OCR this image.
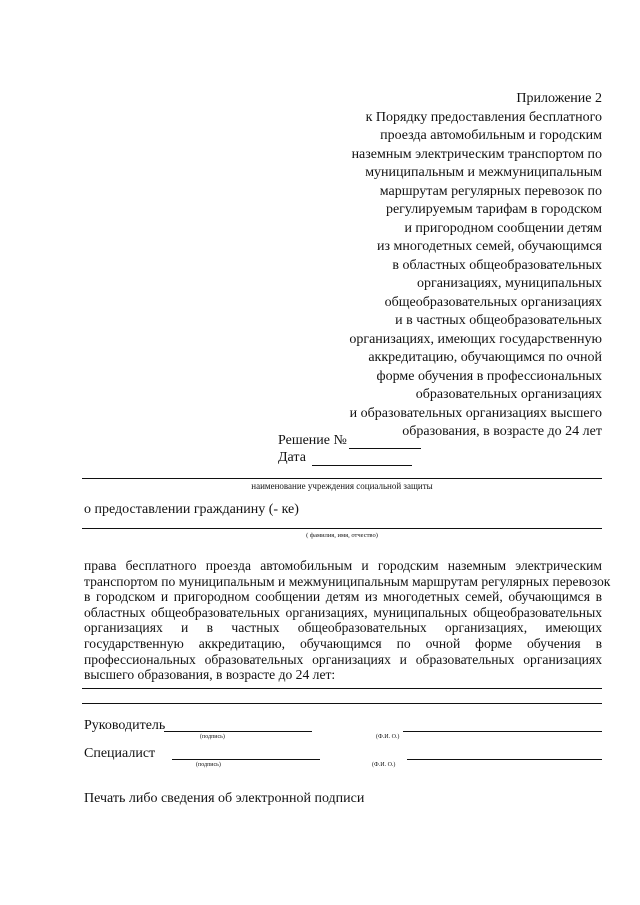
Приложение 2
к Порядку предоставления бесплатного
проезда автомобильным и городским
наземным электрическим транспортом по
муниципальным и межмуниципальным
маршрутам регулярных перевозок по
регулируемым тарифам в городском
и пригородном сообщении детям
из многодетных семей, обучающимся
в областных общеобразовательных
организациях, муниципальных
общеобразовательных организациях
и в частных общеобразовательных
организациях, имеющих государственную
аккредитацию, обучающимся по очной
форме обучения в профессиональных
образовательных организациях
и образовательных организациях высшего
образования, в возрасте до 24 лет
Решение №
Дата
наименование учреждения социальной защиты
о предоставлении гражданину (- ке)
( фамилия, имя, отчество)
права бесплатного проезда автомобильным и городским наземным электрическим
транспортом по муниципальным и межмуниципальным маршрутам регулярных перевозок
в городском и пригородном сообщении детям из многодетных семей, обучающимся в
областных общеобразовательных организациях, муниципальных общеобразовательных
организациях и в частных общеобразовательных организациях, имеющих
государственную аккредитацию, обучающимся по очной форме обучения в
профессиональных образовательных организациях и образовательных организациях
высшего образования, в возрасте до 24 лет:
Руководитель
(подпись)	(Ф.И. О.)
Специалист
(подпись)	(Ф.И. О.)
Печать либо сведения об электронной подписи
